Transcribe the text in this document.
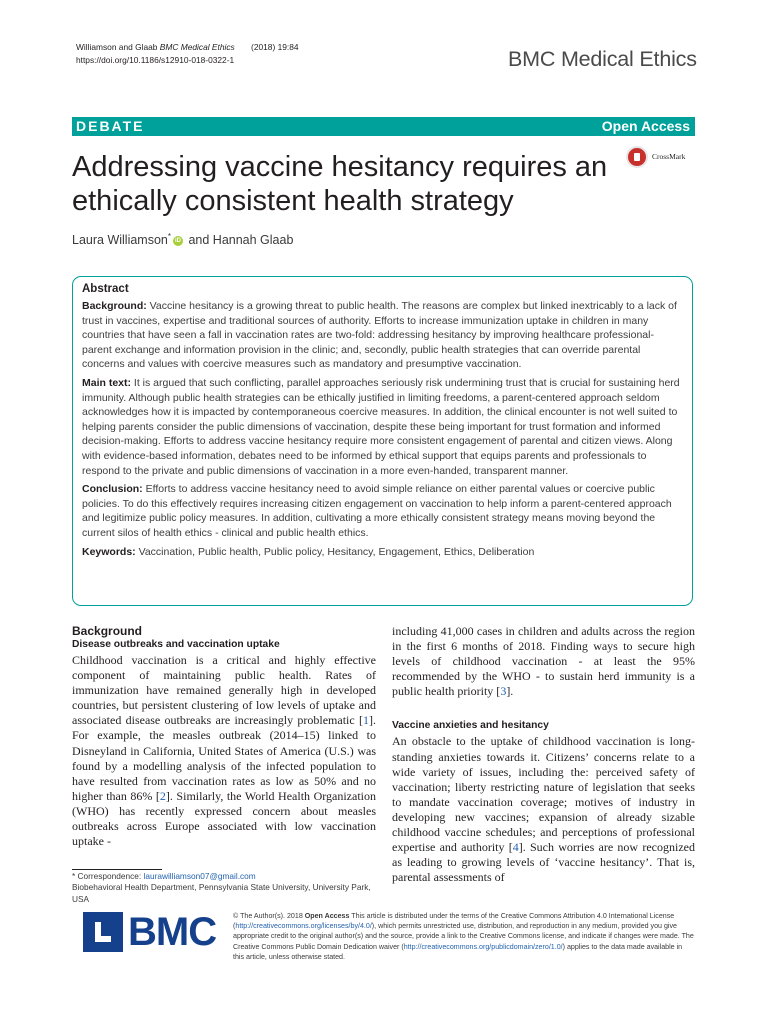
Williamson and Glaab BMC Medical Ethics (2018) 19:84
https://doi.org/10.1186/s12910-018-0322-1	BMC Medical Ethics
DEBATE	Open Access
Addressing vaccine hesitancy requires an ethically consistent health strategy
CrossMark
Laura Williamson* iD and Hannah Glaab
Abstract

Background: Vaccine hesitancy is a growing threat to public health. The reasons are complex but linked inextricably to a lack of trust in vaccines, expertise and traditional sources of authority. Efforts to increase immunization uptake in children in many countries that have seen a fall in vaccination rates are two-fold: addressing hesitancy by improving healthcare professional-parent exchange and information provision in the clinic; and, secondly, public health strategies that can override parental concerns and values with coercive measures such as mandatory and presumptive vaccination.

Main text: It is argued that such conflicting, parallel approaches seriously risk undermining trust that is crucial for sustaining herd immunity. Although public health strategies can be ethically justified in limiting freedoms, a parent-centered approach seldom acknowledges how it is impacted by contemporaneous coercive measures. In addition, the clinical encounter is not well suited to helping parents consider the public dimensions of vaccination, despite these being important for trust formation and informed decision-making. Efforts to address vaccine hesitancy require more consistent engagement of parental and citizen views. Along with evidence-based information, debates need to be informed by ethical support that equips parents and professionals to respond to the private and public dimensions of vaccination in a more even-handed, transparent manner.

Conclusion: Efforts to address vaccine hesitancy need to avoid simple reliance on either parental values or coercive public policies. To do this effectively requires increasing citizen engagement on vaccination to help inform a parent-centered approach and legitimize public policy measures. In addition, cultivating a more ethically consistent strategy means moving beyond the current silos of health ethics - clinical and public health ethics.

Keywords: Vaccination, Public health, Public policy, Hesitancy, Engagement, Ethics, Deliberation

Background
Disease outbreaks and vaccination uptake

Childhood vaccination is a critical and highly effective component of maintaining public health. Rates of immunization have remained generally high in developed countries, but persistent clustering of low levels of uptake and associated disease outbreaks are increasingly problematic [1]. For example, the measles outbreak (2014–15) linked to Disneyland in California, United States of America (U.S.) was found by a modelling analysis of the infected population to have resulted from vaccination rates as low as 50% and no higher than 86% [2]. Similarly, the World Health Organization (WHO) has recently expressed concern about measles outbreaks across Europe associated with low vaccination uptake -

including 41,000 cases in children and adults across the region in the first 6 months of 2018. Finding ways to secure high levels of childhood vaccination - at least the 95% recommended by the WHO - to sustain herd immunity is a public health priority [3].

Vaccine anxieties and hesitancy

An obstacle to the uptake of childhood vaccination is long-standing anxieties towards it. Citizens’ concerns relate to a wide variety of issues, including the: perceived safety of vaccination; liberty restricting nature of legislation that seeks to mandate vaccination coverage; motives of industry in developing new vaccines; expansion of already sizable childhood vaccine schedules; and perceptions of professional expertise and authority [4]. Such worries are now recognized as leading to growing levels of ‘vaccine hesitancy’. That is, parental assessments of

* Correspondence: laurawilliamson07@gmail.com
Biobehavioral Health Department, Pennsylvania State University, University Park, USA
BMC © The Author(s). 2018 Open Access This article is distributed under the terms of the Creative Commons Attribution 4.0 International License (http://creativecommons.org/licenses/by/4.0/), which permits unrestricted use, distribution, and reproduction in any medium, provided you give appropriate credit to the original author(s) and the source, provide a link to the Creative Commons license, and indicate if changes were made. The Creative Commons Public Domain Dedication waiver (http://creativecommons.org/publicdomain/zero/1.0/) applies to the data made available in this article, unless otherwise stated.
